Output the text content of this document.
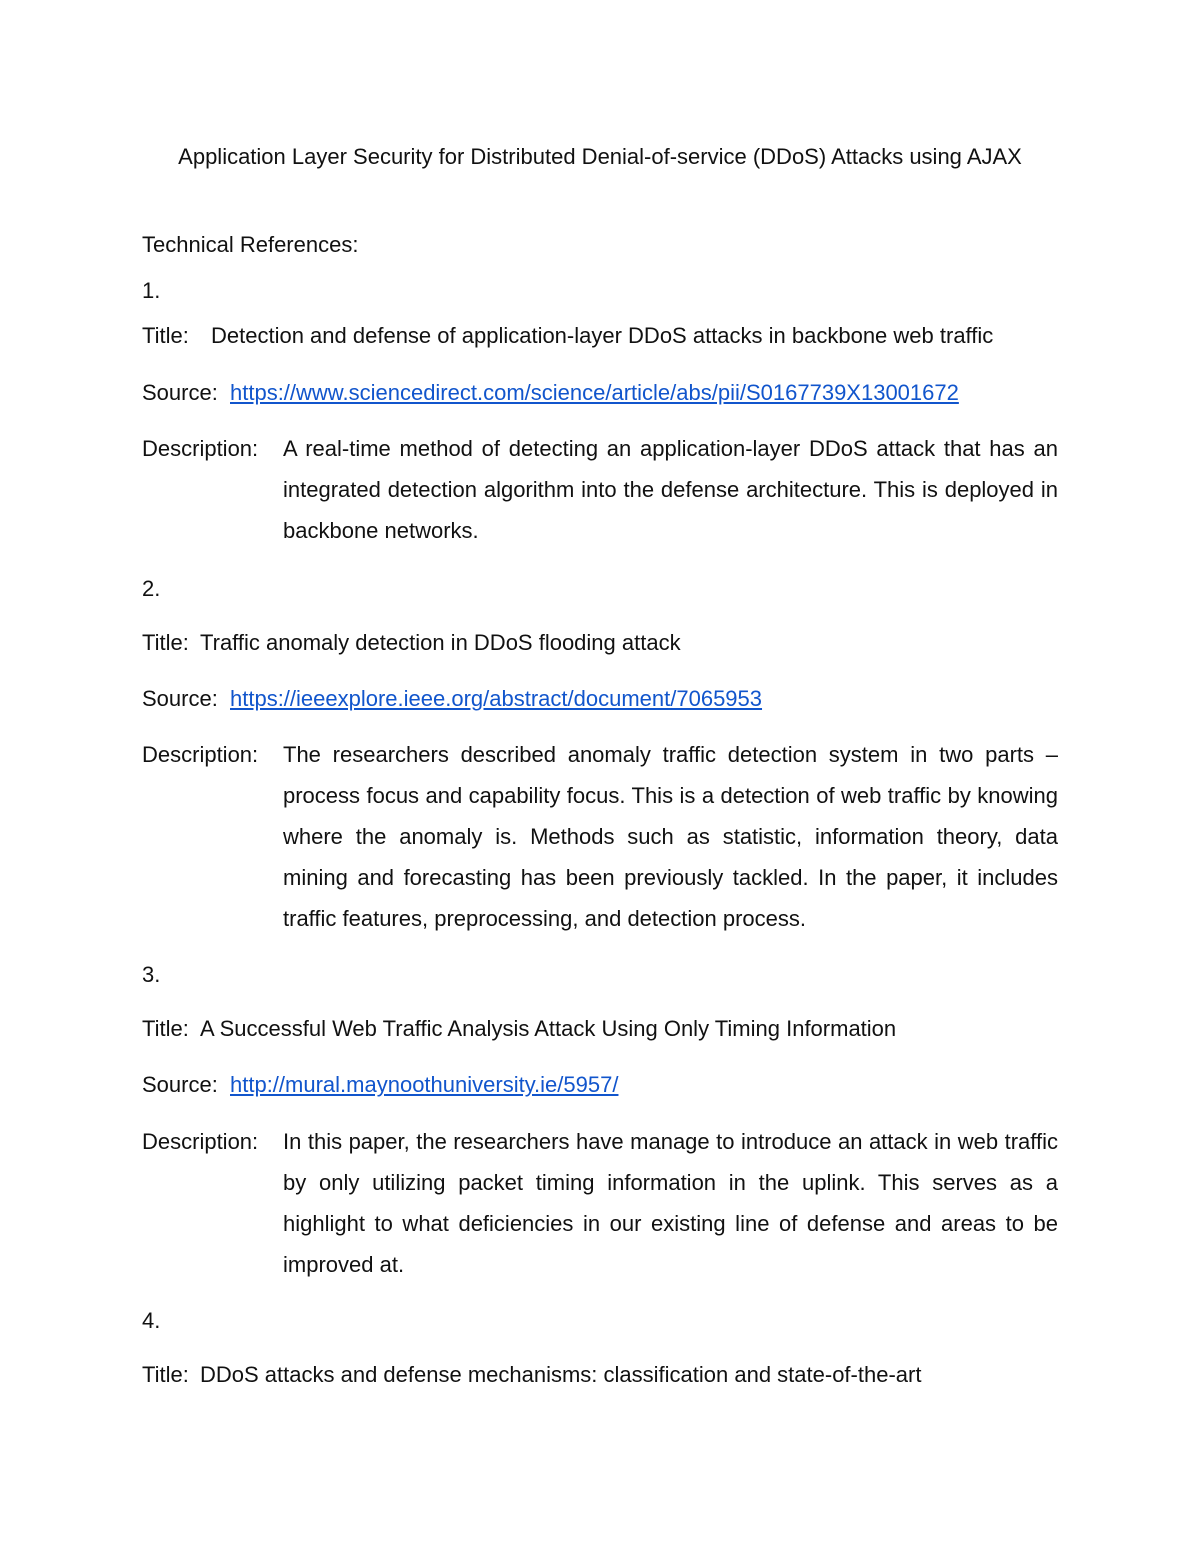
Application Layer Security for Distributed Denial-of-service (DDoS) Attacks using AJAX
Technical References:
1.
Title: Detection and defense of application-layer DDoS attacks in backbone web traffic
Source: https://www.sciencedirect.com/science/article/abs/pii/S0167739X13001672
Description: A real-time method of detecting an application-layer DDoS attack that has an integrated detection algorithm into the defense architecture. This is deployed in backbone networks.
2.
Title: Traffic anomaly detection in DDoS flooding attack
Source: https://ieeexplore.ieee.org/abstract/document/7065953
Description: The researchers described anomaly traffic detection system in two parts – process focus and capability focus. This is a detection of web traffic by knowing where the anomaly is. Methods such as statistic, information theory, data mining and forecasting has been previously tackled. In the paper, it includes traffic features, preprocessing, and detection process.
3.
Title: A Successful Web Traffic Analysis Attack Using Only Timing Information
Source: http://mural.maynoothuniversity.ie/5957/
Description: In this paper, the researchers have manage to introduce an attack in web traffic by only utilizing packet timing information in the uplink. This serves as a highlight to what deficiencies in our existing line of defense and areas to be improved at.
4.
Title: DDoS attacks and defense mechanisms: classification and state-of-the-art
